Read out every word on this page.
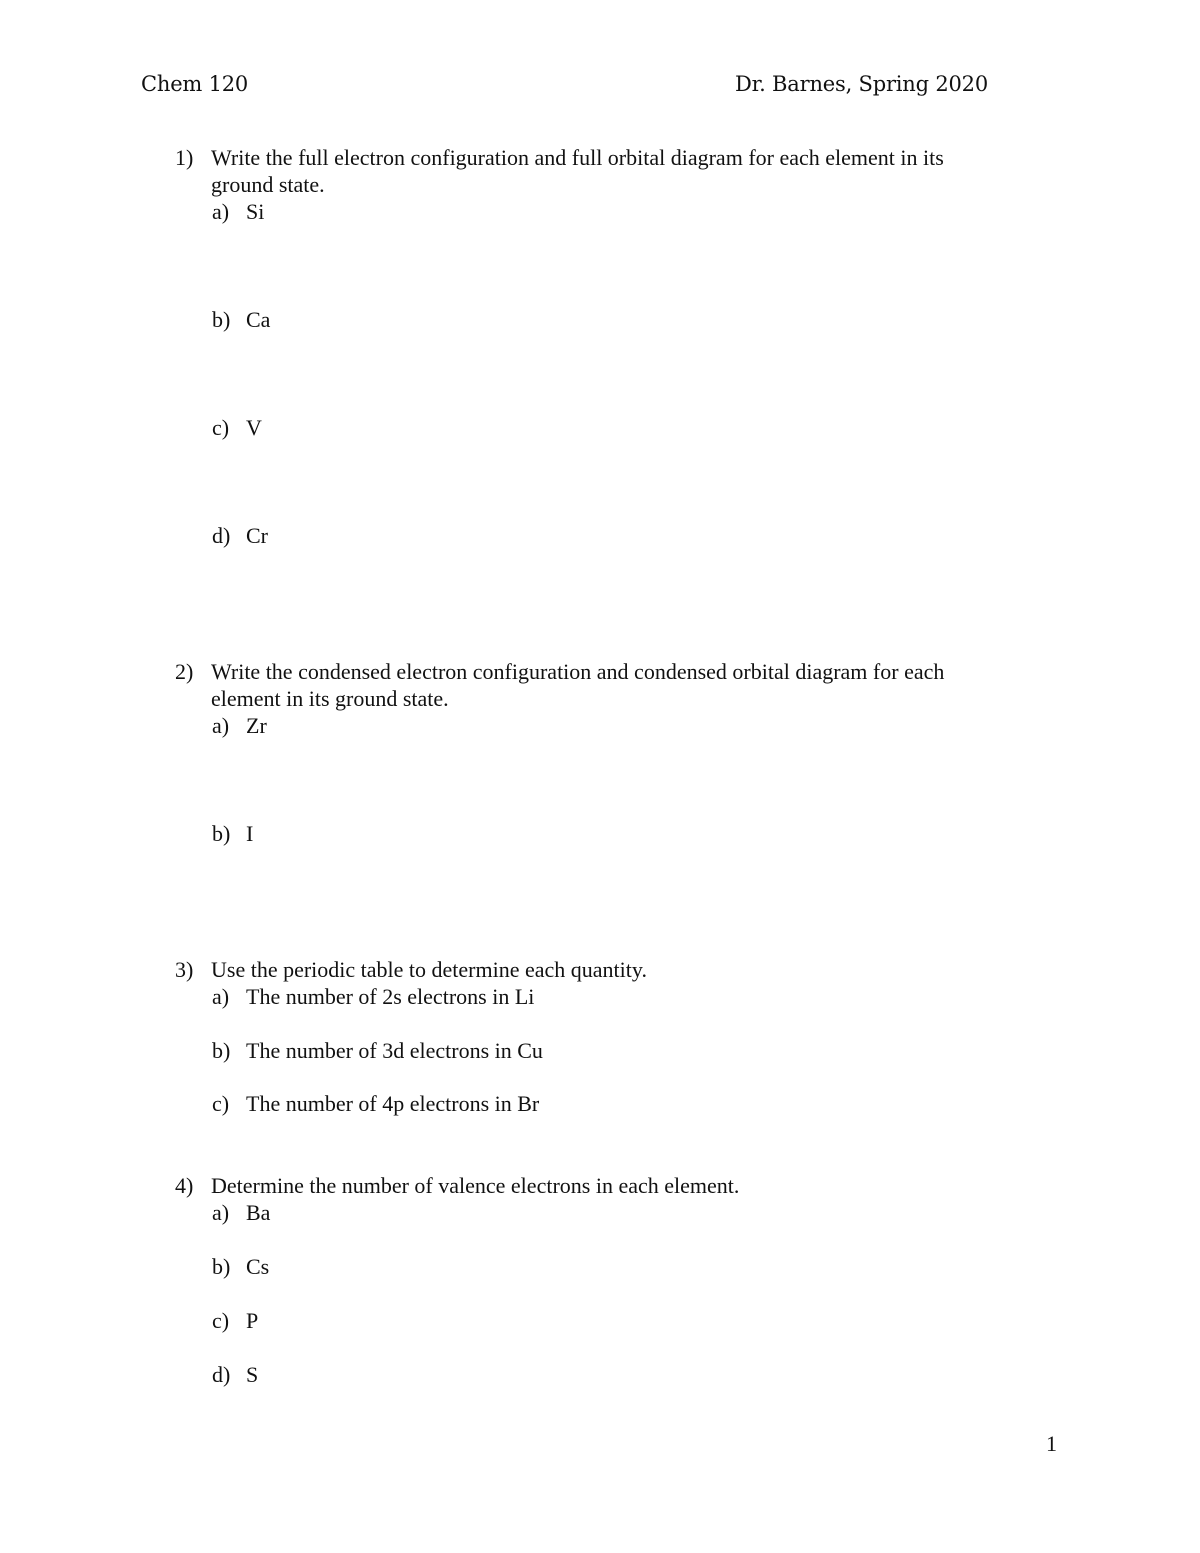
Chem 120	Dr. Barnes, Spring 2020
1) Write the full electron configuration and full orbital diagram for each element in its
ground state.
a) Si
b) Ca
c) V
d) Cr
2) Write the condensed electron configuration and condensed orbital diagram for each
element in its ground state.
a) Zr
b) I
3) Use the periodic table to determine each quantity.
a) The number of 2s electrons in Li
b) The number of 3d electrons in Cu
c) The number of 4p electrons in Br
4) Determine the number of valence electrons in each element.
a) Ba
b) Cs
c) P
d) S
1
